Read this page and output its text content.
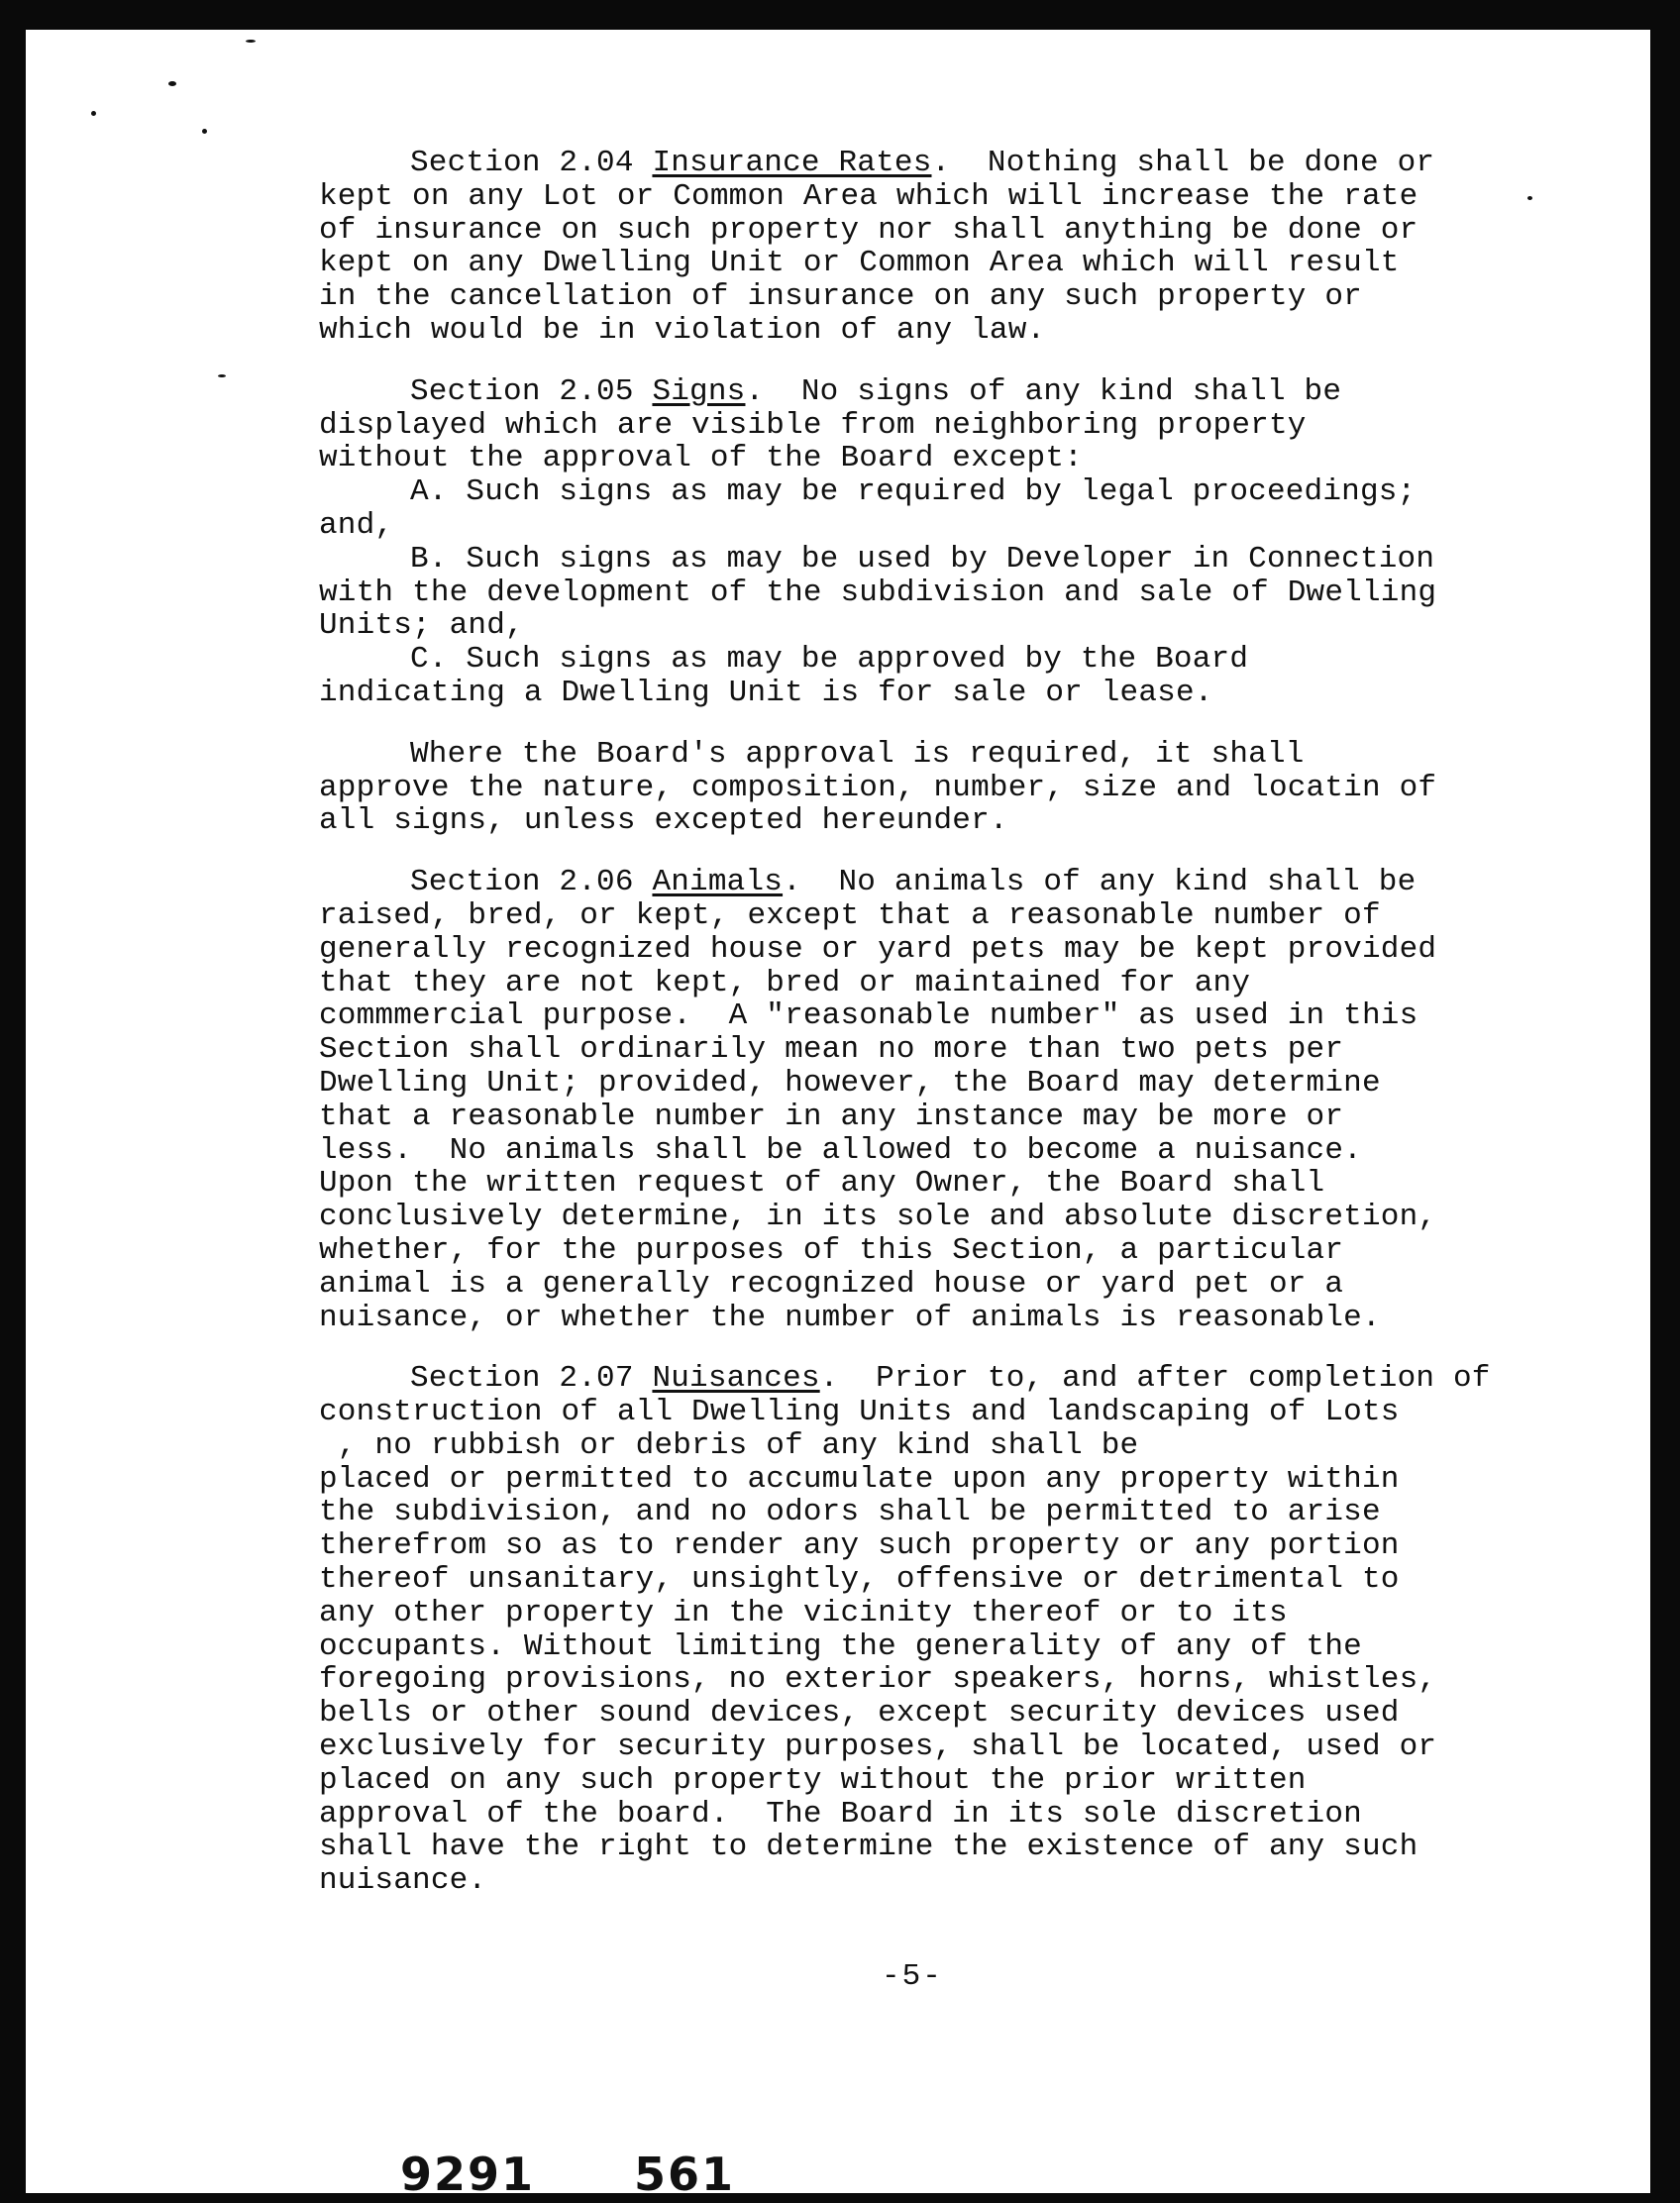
Section 2.04 Insurance Rates.  Nothing shall be done or
kept on any Lot or Common Area which will increase the rate
of insurance on such property nor shall anything be done or
kept on any Dwelling Unit or Common Area which will result
in the cancellation of insurance on any such property or
which would be in violation of any law.
Section 2.05 Signs.  No signs of any kind shall be
displayed which are visible from neighboring property
without the approval of the Board except:
A. Such signs as may be required by legal proceedings;
and,
B. Such signs as may be used by Developer in Connection
with the development of the subdivision and sale of Dwelling
Units; and,
C. Such signs as may be approved by the Board
indicating a Dwelling Unit is for sale or lease.
Where the Board's approval is required, it shall
approve the nature, composition, number, size and locatin of
all signs, unless excepted hereunder.
Section 2.06 Animals.  No animals of any kind shall be
raised, bred, or kept, except that a reasonable number of
generally recognized house or yard pets may be kept provided
that they are not kept, bred or maintained for any
commmercial purpose.  A "reasonable number" as used in this
Section shall ordinarily mean no more than two pets per
Dwelling Unit; provided, however, the Board may determine
that a reasonable number in any instance may be more or
less.  No animals shall be allowed to become a nuisance.
Upon the written request of any Owner, the Board shall
conclusively determine, in its sole and absolute discretion,
whether, for the purposes of this Section, a particular
animal is a generally recognized house or yard pet or a
nuisance, or whether the number of animals is reasonable.
Section 2.07 Nuisances.  Prior to, and after completion of
construction of all Dwelling Units and landscaping of Lots
, no rubbish or debris of any kind shall be
placed or permitted to accumulate upon any property within
the subdivision, and no odors shall be permitted to arise
therefrom so as to render any such property or any portion
thereof unsanitary, unsightly, offensive or detrimental to
any other property in the vicinity thereof or to its
occupants. Without limiting the generality of any of the
foregoing provisions, no exterior speakers, horns, whistles,
bells or other sound devices, except security devices used
exclusively for security purposes, shall be located, used or
placed on any such property without the prior written
approval of the board.  The Board in its sole discretion
shall have the right to determine the existence of any such
nuisance.
-5-
9291 561
